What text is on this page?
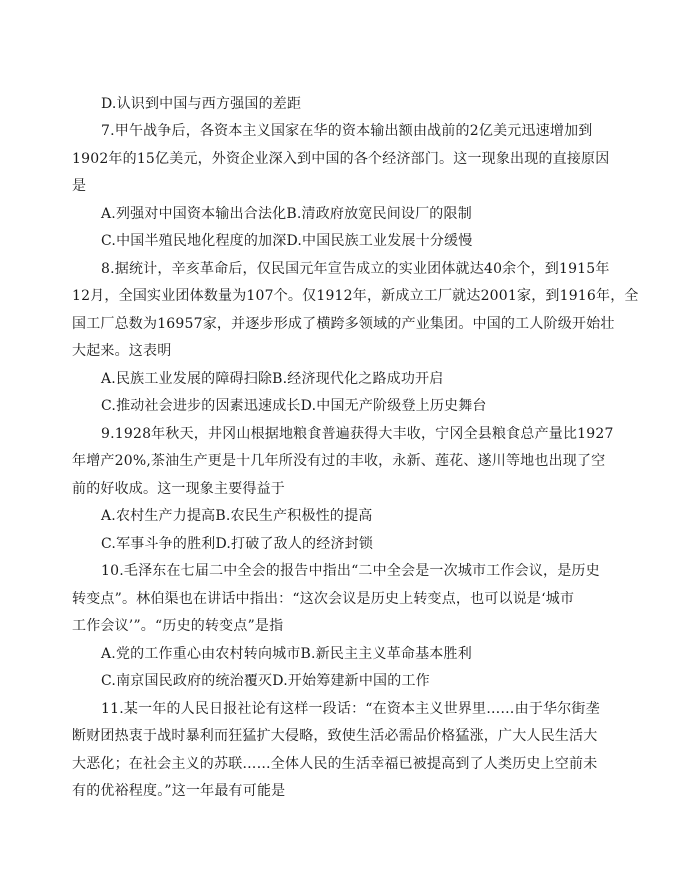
D.认识到中国与西方强国的差距
7.甲午战争后，各资本主义国家在华的资本输出额由战前的2亿美元迅速增加到
1902年的15亿美元，外资企业深入到中国的各个经济部门。这一现象出现的直接原因
是
A.列强对中国资本输出合法化B.清政府放宽民间设厂的限制
C.中国半殖民地化程度的加深D.中国民族工业发展十分缓慢
8.据统计，辛亥革命后，仅民国元年宣告成立的实业团体就达40余个，到1915年
12月，全国实业团体数量为107个。仅1912年，新成立工厂就达2001家，到1916年，全
国工厂总数为16957家，并逐步形成了横跨多领域的产业集团。中国的工人阶级开始壮
大起来。这表明
A.民族工业发展的障碍扫除B.经济现代化之路成功开启
C.推动社会进步的因素迅速成长D.中国无产阶级登上历史舞台
9.1928年秋天，井冈山根据地粮食普遍获得大丰收，宁冈全县粮食总产量比1927
年增产20%,茶油生产更是十几年所没有过的丰收，永新、莲花、遂川等地也出现了空
前的好收成。这一现象主要得益于
A.农村生产力提高B.农民生产积极性的提高
C.军事斗争的胜利D.打破了敌人的经济封锁
10.毛泽东在七届二中全会的报告中指出“二中全会是一次城市工作会议，是历史
转变点”。林伯渠也在讲话中指出：“这次会议是历史上转变点，也可以说是‘城市
工作会议’”。“历史的转变点”是指
A.党的工作重心由农村转向城市B.新民主主义革命基本胜利
C.南京国民政府的统治覆灭D.开始筹建新中国的工作
11.某一年的人民日报社论有这样一段话：“在资本主义世界里……由于华尔街垄
断财团热衷于战时暴利而狂猛扩大侵略，致使生活必需品价格猛涨，广大人民生活大
大恶化；在社会主义的苏联……全体人民的生活幸福已被提高到了人类历史上空前未
有的优裕程度。”这一年最有可能是
